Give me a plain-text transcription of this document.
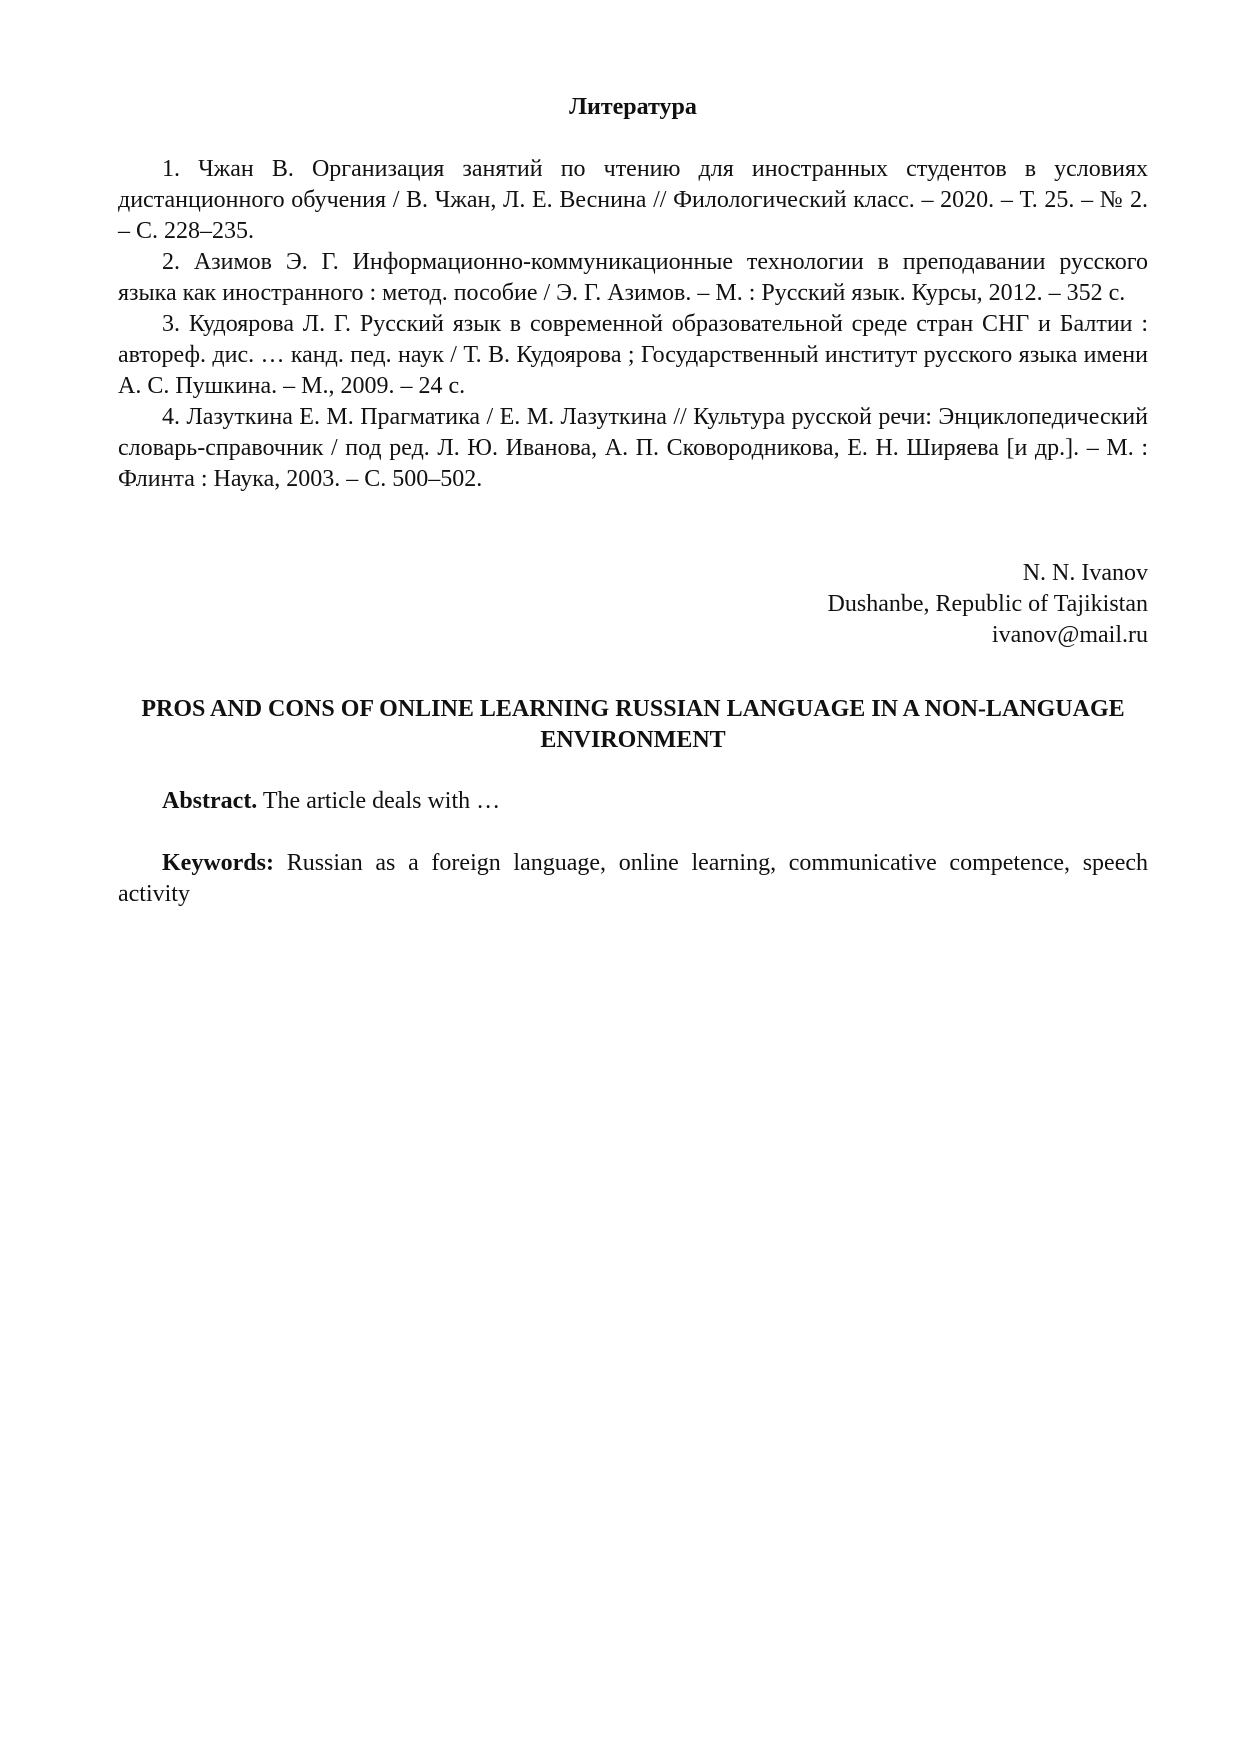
Литература

1. Чжан В. Организация занятий по чтению для иностранных студентов в условиях дистанционного обучения / В. Чжан, Л. Е. Веснина // Филологический класс. – 2020. – Т. 25. – № 2. – С. 228–235.

2. Азимов Э. Г. Информационно-коммуникационные технологии в преподавании русского языка как иностранного : метод. пособие / Э. Г. Азимов. – М. : Русский язык. Курсы, 2012. – 352 с.

3. Кудоярова Л. Г. Русский язык в современной образовательной среде стран СНГ и Балтии : автореф. дис. … канд. пед. наук / Т. В. Кудоярова ; Государственный институт русского языка имени А. С. Пушкина. – М., 2009. – 24 с.

4. Лазуткина Е. М. Прагматика / Е. М. Лазуткина // Культура русской речи: Энциклопедический словарь-справочник / под ред. Л. Ю. Иванова, А. П. Сковородникова, Е. Н. Ширяева [и др.]. – М. : Флинта : Наука, 2003. – С. 500–502.

N. N. Ivanov
Dushanbe, Republic of Tajikistan
ivanov@mail.ru
PROS AND CONS OF ONLINE LEARNING RUSSIAN LANGUAGE IN A NON-LANGUAGE ENVIRONMENT
Abstract. The article deals with …
Keywords: Russian as a foreign language, online learning, communicative competence, speech activity
